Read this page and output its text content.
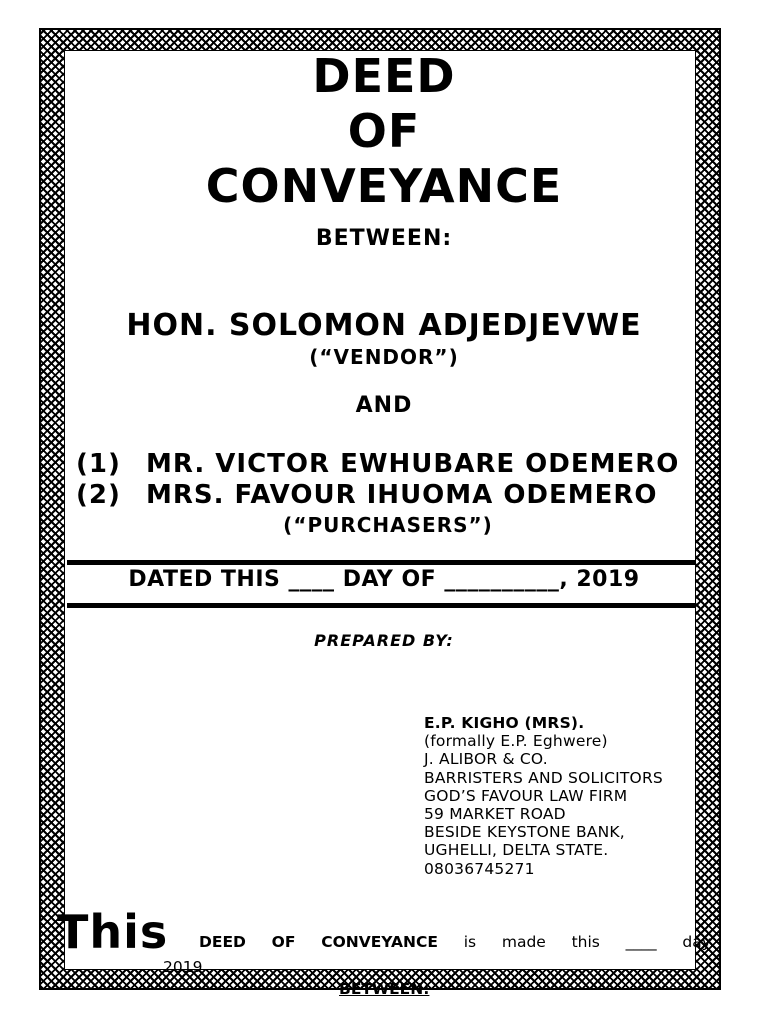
DEED
OF
CONVEYANCE
BETWEEN:
HON. SOLOMON ADJEDJEVWE
(“VENDOR”)
AND
(1) MR. VICTOR EWHUBARE ODEMERO
(2) MRS. FAVOUR IHUOMA ODEMERO
(“PURCHASERS”)
DATED THIS ____ DAY OF __________, 2019
PREPARED BY:
E.P. KIGHO (MRS).
(formally E.P. Eghwere)
J. ALIBOR & CO.
BARRISTERS AND SOLICITORS
GOD’S FAVOUR LAW FIRM
59 MARKET ROAD
BESIDE KEYSTONE BANK,
UGHELLI, DELTA STATE.
08036745271
This DEED OF CONVEYANCE is made this ____ day
2019
BETWEEN:
